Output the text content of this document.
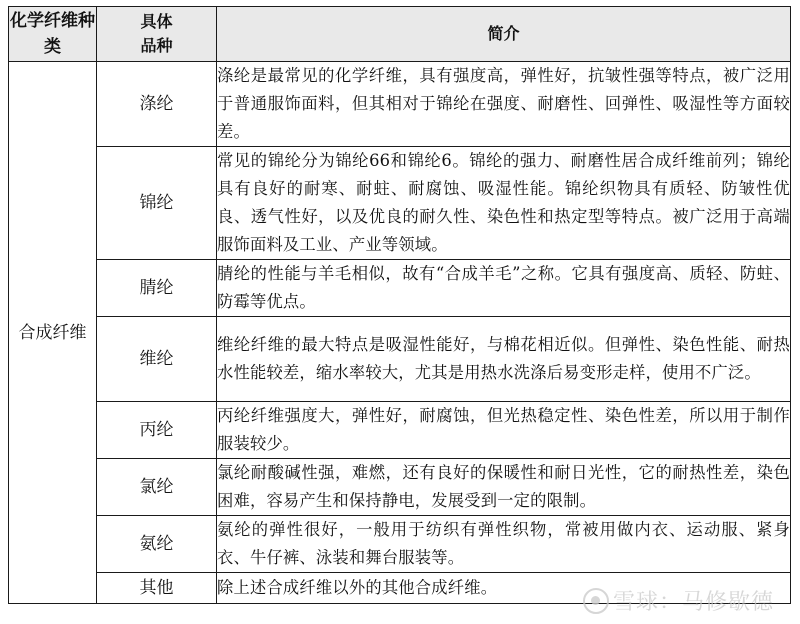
化学纤维种类	具体品种	简介
合成纤维	涤纶	涤纶是最常见的化学纤维，具有强度高，弹性好，抗皱性强等特点，被广泛用于普通服饰面料，但其相对于锦纶在强度、耐磨性、回弹性、吸湿性等方面较差。
	锦纶	常见的锦纶分为锦纶66和锦纶6。锦纶的强力、耐磨性居合成纤维前列；锦纶具有良好的耐寒、耐蛀、耐腐蚀、吸湿性能。锦纶织物具有质轻、防皱性优良、透气性好，以及优良的耐久性、染色性和热定型等特点。被广泛用于高端服饰面料及工业、产业等领域。
	腈纶	腈纶的性能与羊毛相似，故有“合成羊毛”之称。它具有强度高、质轻、防蛀、防霉等优点。
	维纶	维纶纤维的最大特点是吸湿性能好，与棉花相近似。但弹性、染色性能、耐热水性能较差，缩水率较大，尤其是用热水洗涤后易变形走样，使用不广泛。
	丙纶	丙纶纤维强度大，弹性好，耐腐蚀，但光热稳定性、染色性差，所以用于制作服装较少。
	氯纶	氯纶耐酸碱性强，难燃，还有良好的保暖性和耐日光性，它的耐热性差，染色困难，容易产生和保持静电，发展受到一定的限制。
	氨纶	氨纶的弹性很好，一般用于纺织有弹性织物，常被用做内衣、运动服、紧身衣、牛仔裤、泳装和舞台服装等。
	其他	除上述合成纤维以外的其他合成纤维。
雪球：马修歇德
